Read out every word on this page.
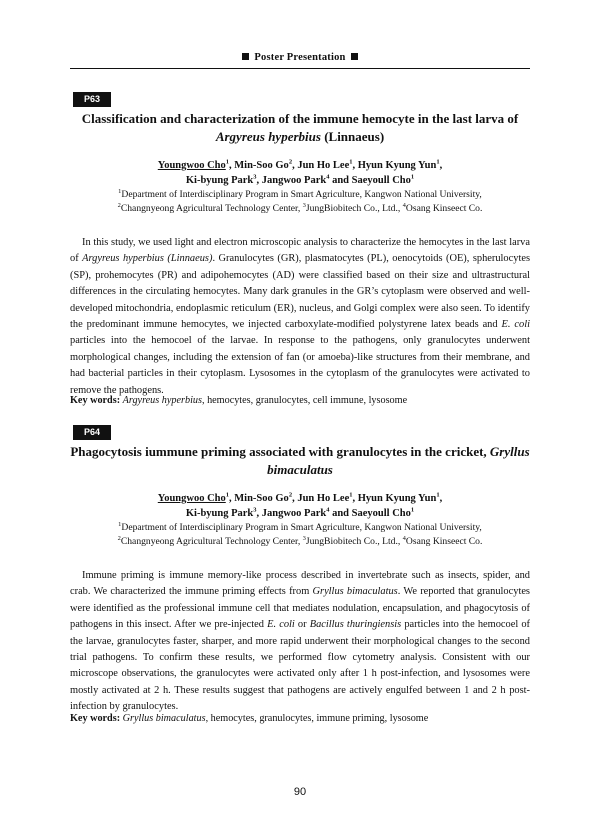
Poster Presentation
P63
Classification and characterization of the immune hemocyte in the last larva of
Argyreus hyperbius (Linnaeus)
Youngwoo Cho$^1$, Min-Soo Go$^2$, Jun Ho Lee$^1$, Hyun Kyung Yun$^1$,
Ki-byung Park$^3$, Jangwoo Park$^4$ and Saeyoull Cho$^1$
$^1$Department of Interdisciplinary Program in Smart Agriculture, Kangwon National University,
$^2$Changnyeong Agricultural Technology Center, $^3$JungBiobitech Co., Ltd., $^4$Osang Kinseect Co.

In this study, we used light and electron microscopic analysis to characterize the hemocytes in the last larva of Argyreus hyperbius (Linnaeus). Granulocytes (GR), plasmatocytes (PL), oenocytoids (OE), spherulocytes (SP), prohemocytes (PR) and adipohemocytes (AD) were classified based on their size and ultrastructural differences in the circulating hemocytes. Many dark granules in the GR’s cytoplasm were observed and well-developed mitochondria, endoplasmic reticulum (ER), nucleus, and Golgi complex were also seen. To identify the predominant immune hemocytes, we injected carboxylate-modified polystyrene latex beads and E. coli particles into the hemocoel of the larvae. In response to the pathogens, only granulocytes underwent morphological changes, including the extension of fan (or amoeba)-like structures from their membrane, and had bacterial particles in their cytoplasm. Lysosomes in the cytoplasm of the granulocytes were activated to remove the pathogens.

Key words: Argyreus hyperbius, hemocytes, granulocytes, cell immune, lysosome
P64
Phagocytosis iummune priming associated with granulocytes in the cricket, Gryllus bimaculatus
Youngwoo Cho$^1$, Min-Soo Go$^2$, Jun Ho Lee$^1$, Hyun Kyung Yun$^1$,
Ki-byung Park$^3$, Jangwoo Park$^4$ and Saeyoull Cho$^1$
$^1$Department of Interdisciplinary Program in Smart Agriculture, Kangwon National University,
$^2$Changnyeong Agricultural Technology Center, $^3$JungBiobitech Co., Ltd., $^4$Osang Kinseect Co.

Immune priming is immune memory-like process described in invertebrate such as insects, spider, and crab. We characterized the immune priming effects from Gryllus bimaculatus. We reported that granulocytes were identified as the professional immune cell that mediates nodulation, encapsulation, and phagocytosis of pathogens in this insect. After we pre-injected E. coli or Bacillus thuringiensis particles into the hemocoel of the larvae, granulocytes faster, sharper, and more rapid underwent their morphological changes to the second trial pathogens. To confirm these results, we performed flow cytometry analysis. Consistent with our microscope observations, the granulocytes were activated only after 1 h post-infection, and lysosomes were mostly activated at 2 h. These results suggest that pathogens are actively engulfed between 1 and 2 h post-infection by granulocytes.

Key words: Gryllus bimaculatus, hemocytes, granulocytes, immune priming, lysosome
90
